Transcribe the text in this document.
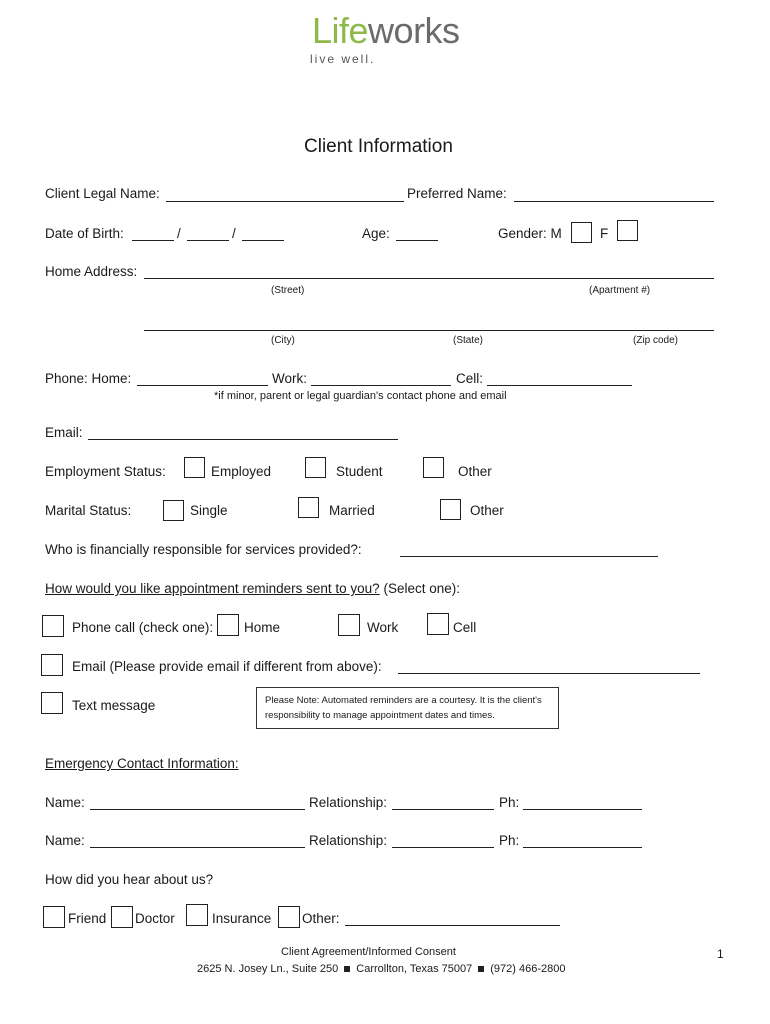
Lifeworks
live well.
Client Information
Client Legal Name:	Preferred Name:
Date of Birth:	/	/	Age:	Gender: M	F
Home Address:
(Street)	(Apartment #)
(City)	(State)	(Zip code)
Phone: Home:	Work:	Cell:
*if minor, parent or legal guardian's contact phone and email
Email:
Employment Status:	Employed	Student	Other
Marital Status:	Single	Married	Other
Who is financially responsible for services provided?:
How would you like appointment reminders sent to you? (Select one):
Phone call (check one): Home	Work	Cell
Email (Please provide email if different from above):
Text message	Please Note: Automated reminders are a courtesy. It is the client's responsibility to manage appointment dates and times.
Emergency Contact Information:
Name:	Relationship:	Ph:
Name:	Relationship:	Ph:
How did you hear about us?
Friend Doctor	Insurance Other:
Client Agreement/Informed Consent
2625 N. Josey Ln., Suite 250 Carrollton, Texas 75007 (972) 466-2800
1
